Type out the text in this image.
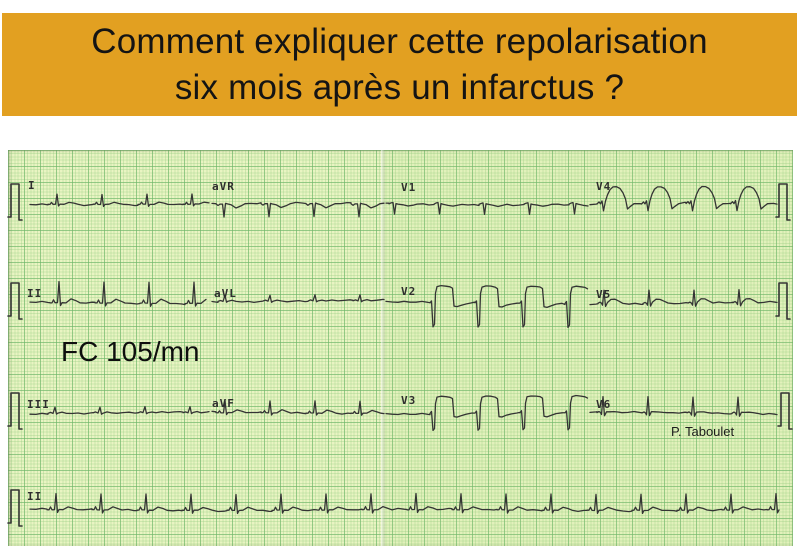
Comment expliquer cette repolarisation
six mois après un infarctus ?
I	aVR	V1	V4
II	aVL	V2	V5
III	aVF	V3	V6
II
FC 105/mn
P. Taboulet
